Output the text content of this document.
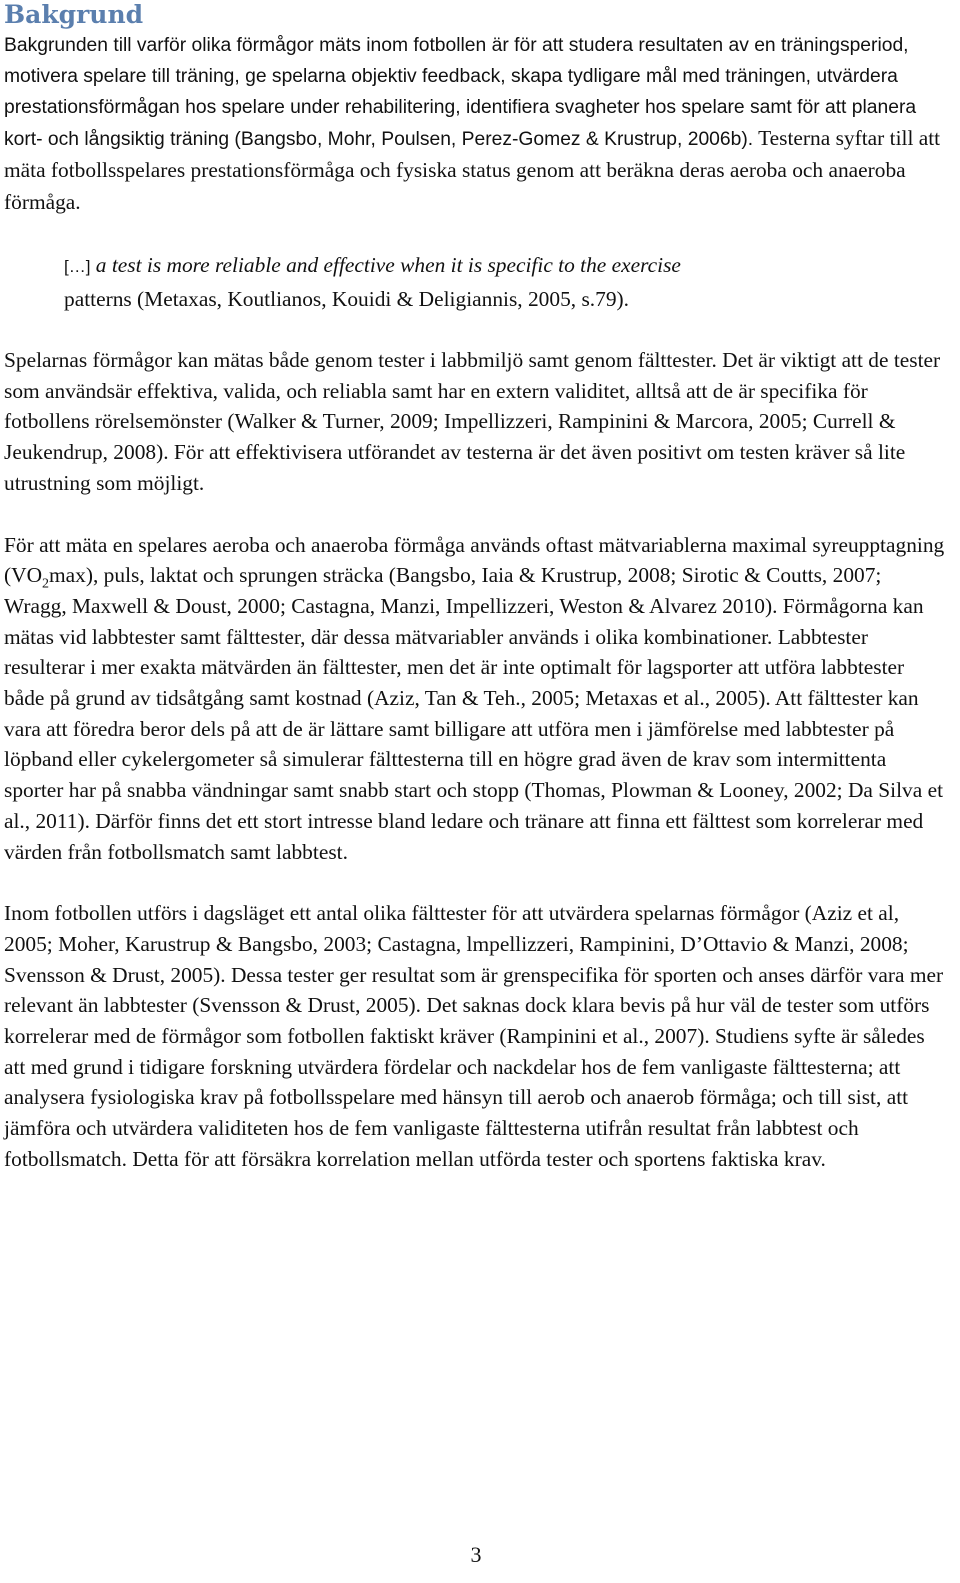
Bakgrund

Bakgrunden till varför olika förmågor mäts inom fotbollen är för att studera resultaten av en träningsperiod, motivera spelare till träning, ge spelarna objektiv feedback, skapa tydligare mål med träningen, utvärdera prestationsförmågan hos spelare under rehabilitering, identifiera svagheter hos spelare samt för att planera kort- och långsiktig träning (Bangsbo, Mohr, Poulsen, Perez-Gomez & Krustrup, 2006b). Testerna syftar till att mäta fotbollsspelares prestationsförmåga och fysiska status genom att beräkna deras aeroba och anaeroba förmåga.

[…] a test is more reliable and effective when it is specific to the exercise
patterns (Metaxas, Koutlianos, Kouidi & Deligiannis, 2005, s.79).

Spelarnas förmågor kan mätas både genom tester i labbmiljö samt genom fälttester. Det är viktigt att de tester som användsär effektiva, valida, och reliabla samt har en extern validitet, alltså att de är specifika för fotbollens rörelsemönster (Walker & Turner, 2009; Impellizzeri, Rampinini & Marcora, 2005; Currell & Jeukendrup, 2008). För att effektivisera utförandet av testerna är det även positivt om testen kräver så lite utrustning som möjligt.

För att mäta en spelares aeroba och anaeroba förmåga används oftast mätvariablerna maximal syreupptagning $(VO_2\max)$, puls, laktat och sprungen sträcka (Bangsbo, Iaia & Krustrup, 2008; Sirotic & Coutts, 2007; Wragg, Maxwell & Doust, 2000; Castagna, Manzi, Impellizzeri, Weston & Alvarez 2010). Förmågorna kan mätas vid labbtester samt fälttester, där dessa mätvariabler används i olika kombinationer. Labbtester resulterar i mer exakta mätvärden än fälttester, men det är inte optimalt för lagsporter att utföra labbtester både på grund av tidsåtgång samt kostnad (Aziz, Tan & Teh., 2005; Metaxas et al., 2005). Att fälttester kan vara att föredra beror dels på att de är lättare samt billigare att utföra men i jämförelse med labbtester på löpband eller cykelergometer så simulerar fälttesterna till en högre grad även de krav som intermittenta sporter har på snabba vändningar samt snabb start och stopp (Thomas, Plowman & Looney, 2002; Da Silva et al., 2011). Därför finns det ett stort intresse bland ledare och tränare att finna ett fälttest som korrelerar med värden från fotbollsmatch samt labbtest.

Inom fotbollen utförs i dagsläget ett antal olika fälttester för att utvärdera spelarnas förmågor (Aziz et al, 2005; Moher, Karustrup & Bangsbo, 2003; Castagna, lmpellizzeri, Rampinini, D’Ottavio & Manzi, 2008; Svensson & Drust, 2005). Dessa tester ger resultat som är grenspecifika för sporten och anses därför vara mer relevant än labbtester (Svensson & Drust, 2005). Det saknas dock klara bevis på hur väl de tester som utförs korrelerar med de förmågor som fotbollen faktiskt kräver (Rampinini et al., 2007). Studiens syfte är således att med grund i tidigare forskning utvärdera fördelar och nackdelar hos de fem vanligaste fälttesterna; att analysera fysiologiska krav på fotbollsspelare med hänsyn till aerob och anaerob förmåga; och till sist, att jämföra och utvärdera validiteten hos de fem vanligaste fälttesterna utifrån resultat från labbtest och fotbollsmatch. Detta för att försäkra korrelation mellan utförda tester och sportens faktiska krav.

3
